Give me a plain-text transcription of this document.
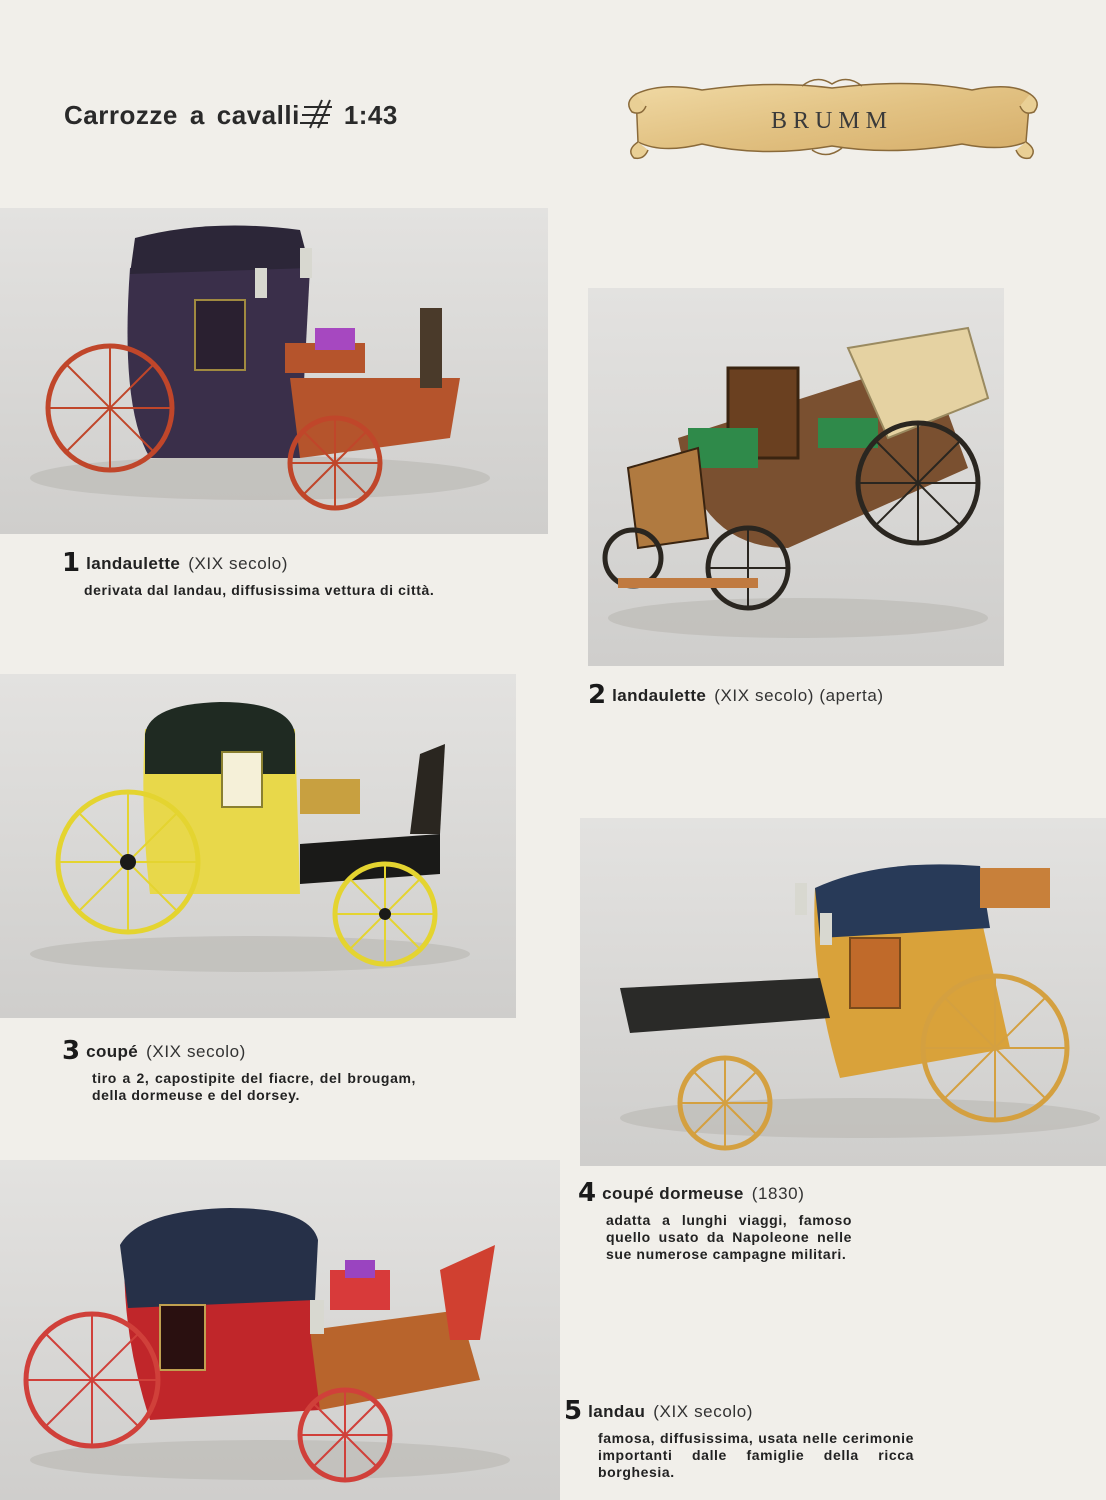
Carrozze a cavalli 1:43	BRUMM
1 landaulette (XIX secolo)
derivata dal landau, diffusissima vettura di città.
2 landaulette (XIX secolo) (aperta)
3 coupé (XIX secolo)
tiro a 2, capostipite del fiacre, del brougam, della dormeuse e del dorsey.
4 coupé dormeuse (1830)
adatta a lunghi viaggi, famoso quello usato da Napoleone nelle sue numerose campagne militari.
5 landau (XIX secolo)
famosa, diffusissima, usata nelle cerimonie importanti dalle famiglie della ricca borghesia.
